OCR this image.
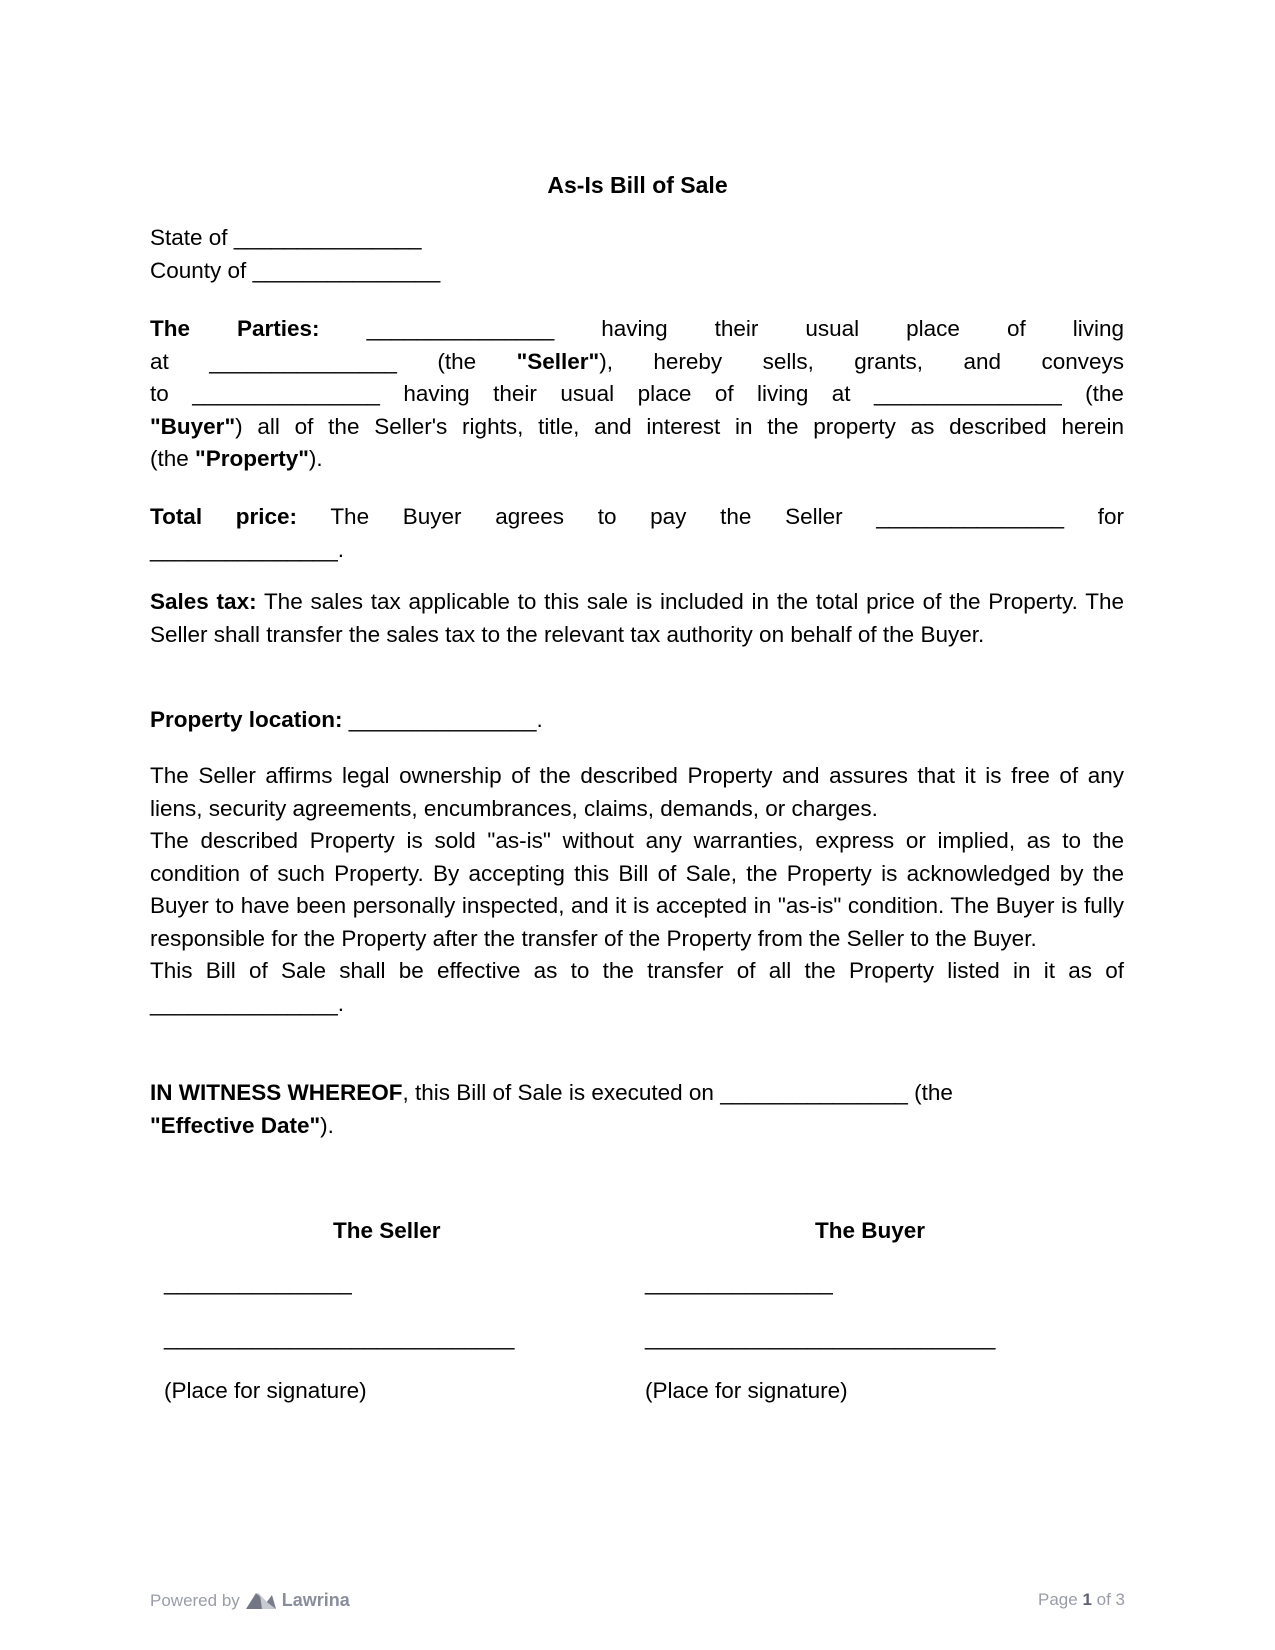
As-Is Bill of Sale

State of _______________

County of _______________

The Parties: _______________ having their usual place of living

at _______________ (the "Seller"), hereby sells, grants, and conveys

to _______________ having their usual place of living at _______________ (the

"Buyer") all of the Seller's rights, title, and interest in the property as described herein

(the "Property").

Total price: The Buyer agrees to pay the Seller _______________ for

_______________.

Sales tax: The sales tax applicable to this sale is included in the total price of the Property. The Seller shall transfer the sales tax to the relevant tax authority on behalf of the Buyer.

Property location: _______________.

The Seller affirms legal ownership of the described Property and assures that it is free of any liens, security agreements, encumbrances, claims, demands, or charges.

The described Property is sold "as-is" without any warranties, express or implied, as to the condition of such Property. By accepting this Bill of Sale, the Property is acknowledged by the Buyer to have been personally inspected, and it is accepted in "as-is" condition. The Buyer is fully responsible for the Property after the transfer of the Property from the Seller to the Buyer.

This Bill of Sale shall be effective as to the transfer of all the Property listed in it as of _______________.

IN WITNESS WHEREOF, this Bill of Sale is executed on _______________ (the

"Effective Date").

The Seller	The Buyer
_______________	_______________
____________________________	____________________________
(Place for signature)	(Place for signature)
Powered by Lawrina	Page 1 of 3
